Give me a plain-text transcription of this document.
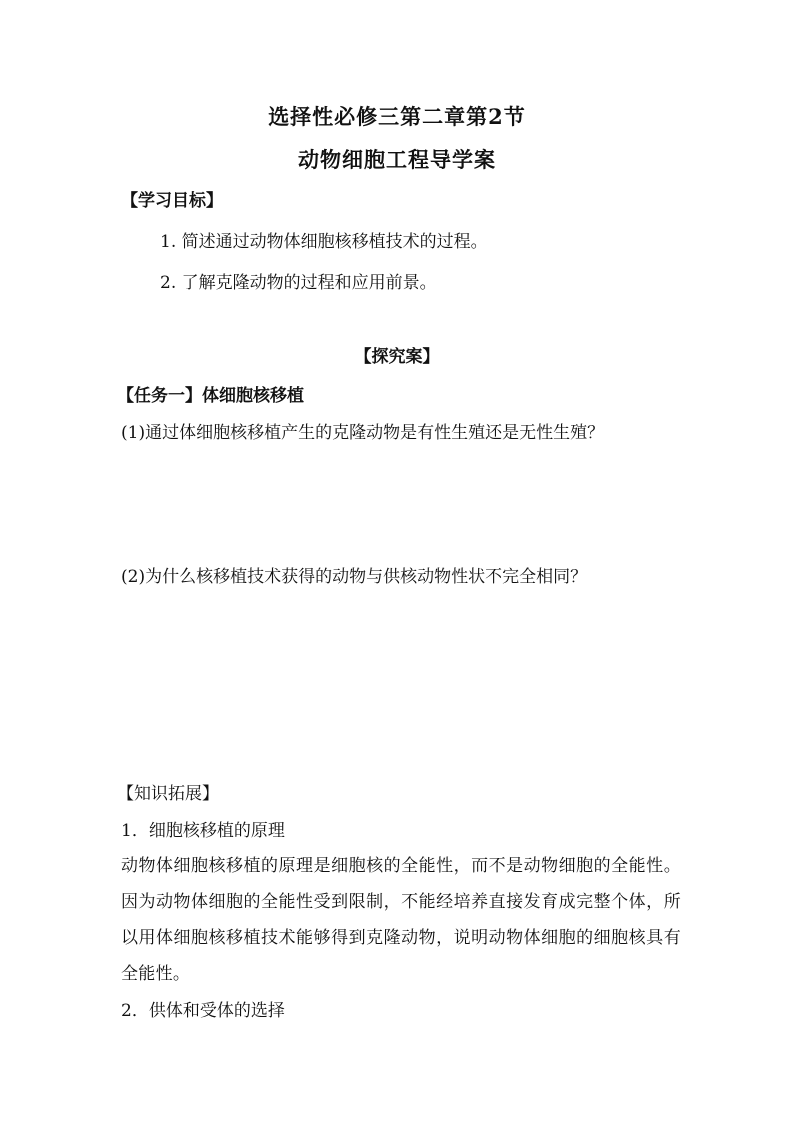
选择性必修三第二章第2节
动物细胞工程导学案
【学习目标】
1. 简述通过动物体细胞核移植技术的过程。
2. 了解克隆动物的过程和应用前景。
【探究案】
【任务一】体细胞核移植
(1)通过体细胞核移植产生的克隆动物是有性生殖还是无性生殖？
(2)为什么核移植技术获得的动物与供核动物性状不完全相同？
【知识拓展】
1．细胞核移植的原理
动物体细胞核移植的原理是细胞核的全能性，而不是动物细胞的全能性。因为动物体细胞的全能性受到限制，不能经培养直接发育成完整个体，所以用体细胞核移植技术能够得到克隆动物，说明动物体细胞的细胞核具有全能性。
2．供体和受体的选择
